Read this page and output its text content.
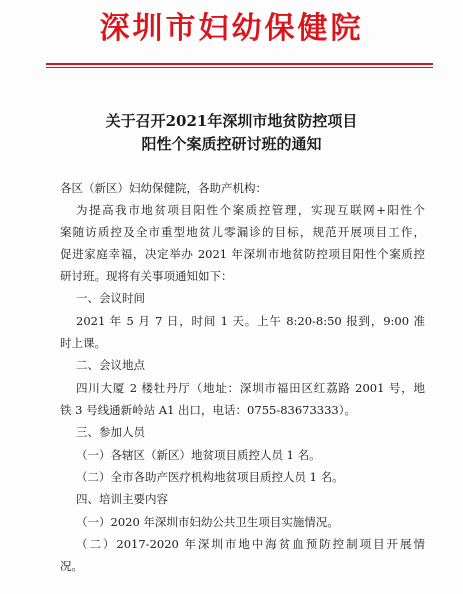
深圳市妇幼保健院
关于召开2021年深圳市地贫防控项目
阳性个案质控研讨班的通知
各区（新区）妇幼保健院，各助产机构：
为提高我市地贫项目阳性个案质控管理，实现互联网+阳性个
案随访质控及全市重型地贫儿零漏诊的目标，规范开展项目工作，
促进家庭幸福，决定举办 2021 年深圳市地贫防控项目阳性个案质控
研讨班。现将有关事项通知如下：
一、会议时间
2021 年 5 月 7 日，时间 1 天。上午 8:20-8:50 报到，9:00 准
时上课。
二、会议地点
四川大厦 2 楼牡丹厅（地址：深圳市福田区红荔路 2001 号，地
铁 3 号线通新岭站 A1 出口，电话：0755-83673333）。
三、参加人员
（一）各辖区（新区）地贫项目质控人员 1 名。
（二）全市各助产医疗机构地贫项目质控人员 1 名。
四、培训主要内容
（一）2020 年深圳市妇幼公共卫生项目实施情况。
（二）2017-2020 年深圳市地中海贫血预防控制项目开展情
况。
